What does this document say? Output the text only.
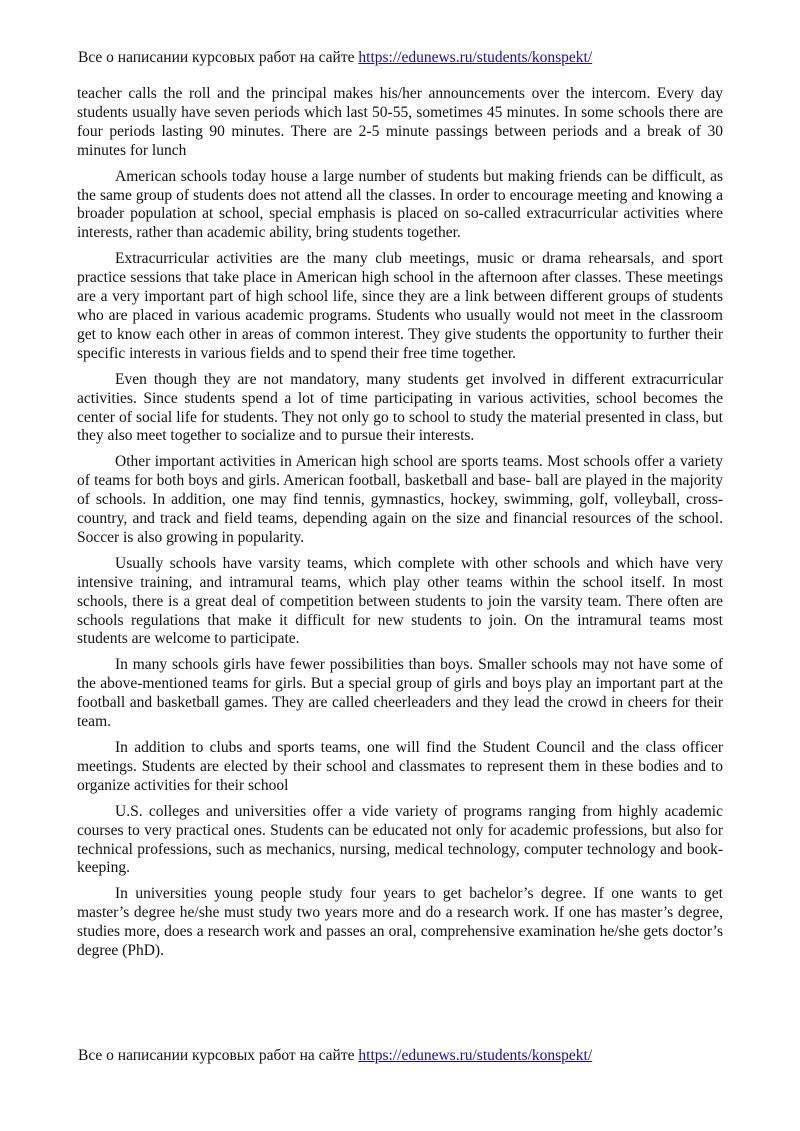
Все о написании курсовых работ на сайте https://edunews.ru/students/konspekt/

teacher calls the roll and the principal makes his/her announcements over the intercom. Every day students usually have seven periods which last 50-55, sometimes 45 minutes. In some schools there are four periods lasting 90 minutes. There are 2-5 minute passings between periods and a break of 30 minutes for lunch

American schools today house a large number of students but making friends can be difficult, as the same group of students does not attend all the classes. In order to encourage meeting and knowing a broader population at school, special emphasis is placed on so-called extracurricular activities where interests, rather than academic ability, bring students together.

Extracurricular activities are the many club meetings, music or drama rehearsals, and sport practice sessions that take place in American high school in the afternoon after classes. These meetings are a very important part of high school life, since they are a link between different groups of students who are placed in various academic programs. Students who usually would not meet in the classroom get to know each other in areas of common interest. They give students the opportunity to further their specific interests in various fields and to spend their free time together.

Even though they are not mandatory, many students get involved in different extracurricular activities. Since students spend a lot of time participating in various activities, school becomes the center of social life for students. They not only go to school to study the material presented in class, but they also meet together to socialize and to pursue their interests.

Other important activities in American high school are sports teams. Most schools offer a variety of teams for both boys and girls. American football, basketball and base- ball are played in the majority of schools. In addition, one may find tennis, gymnastics, hockey, swimming, golf, volleyball, cross-country, and track and field teams, depending again on the size and financial resources of the school. Soccer is also growing in popularity.

Usually schools have varsity teams, which complete with other schools and which have very intensive training, and intramural teams, which play other teams within the school itself. In most schools, there is a great deal of competition between students to join the varsity team. There often are schools regulations that make it difficult for new students to join. On the intramural teams most students are welcome to participate.

In many schools girls have fewer possibilities than boys. Smaller schools may not have some of the above-mentioned teams for girls. But a special group of girls and boys play an important part at the football and basketball games. They are called cheerleaders and they lead the crowd in cheers for their team.

In addition to clubs and sports teams, one will find the Student Council and the class officer meetings. Students are elected by their school and classmates to represent them in these bodies and to organize activities for their school

U.S. colleges and universities offer a vide variety of programs ranging from highly academic courses to very practical ones. Students can be educated not only for academic professions, but also for technical professions, such as mechanics, nursing, medical technology, computer technology and book-keeping.

In universities young people study four years to get bachelor’s degree. If one wants to get master’s degree he/she must study two years more and do a research work. If one has master’s degree, studies more, does a research work and passes an oral, comprehensive examination he/she gets doctor’s degree (PhD).

Все о написании курсовых работ на сайте https://edunews.ru/students/konspekt/
